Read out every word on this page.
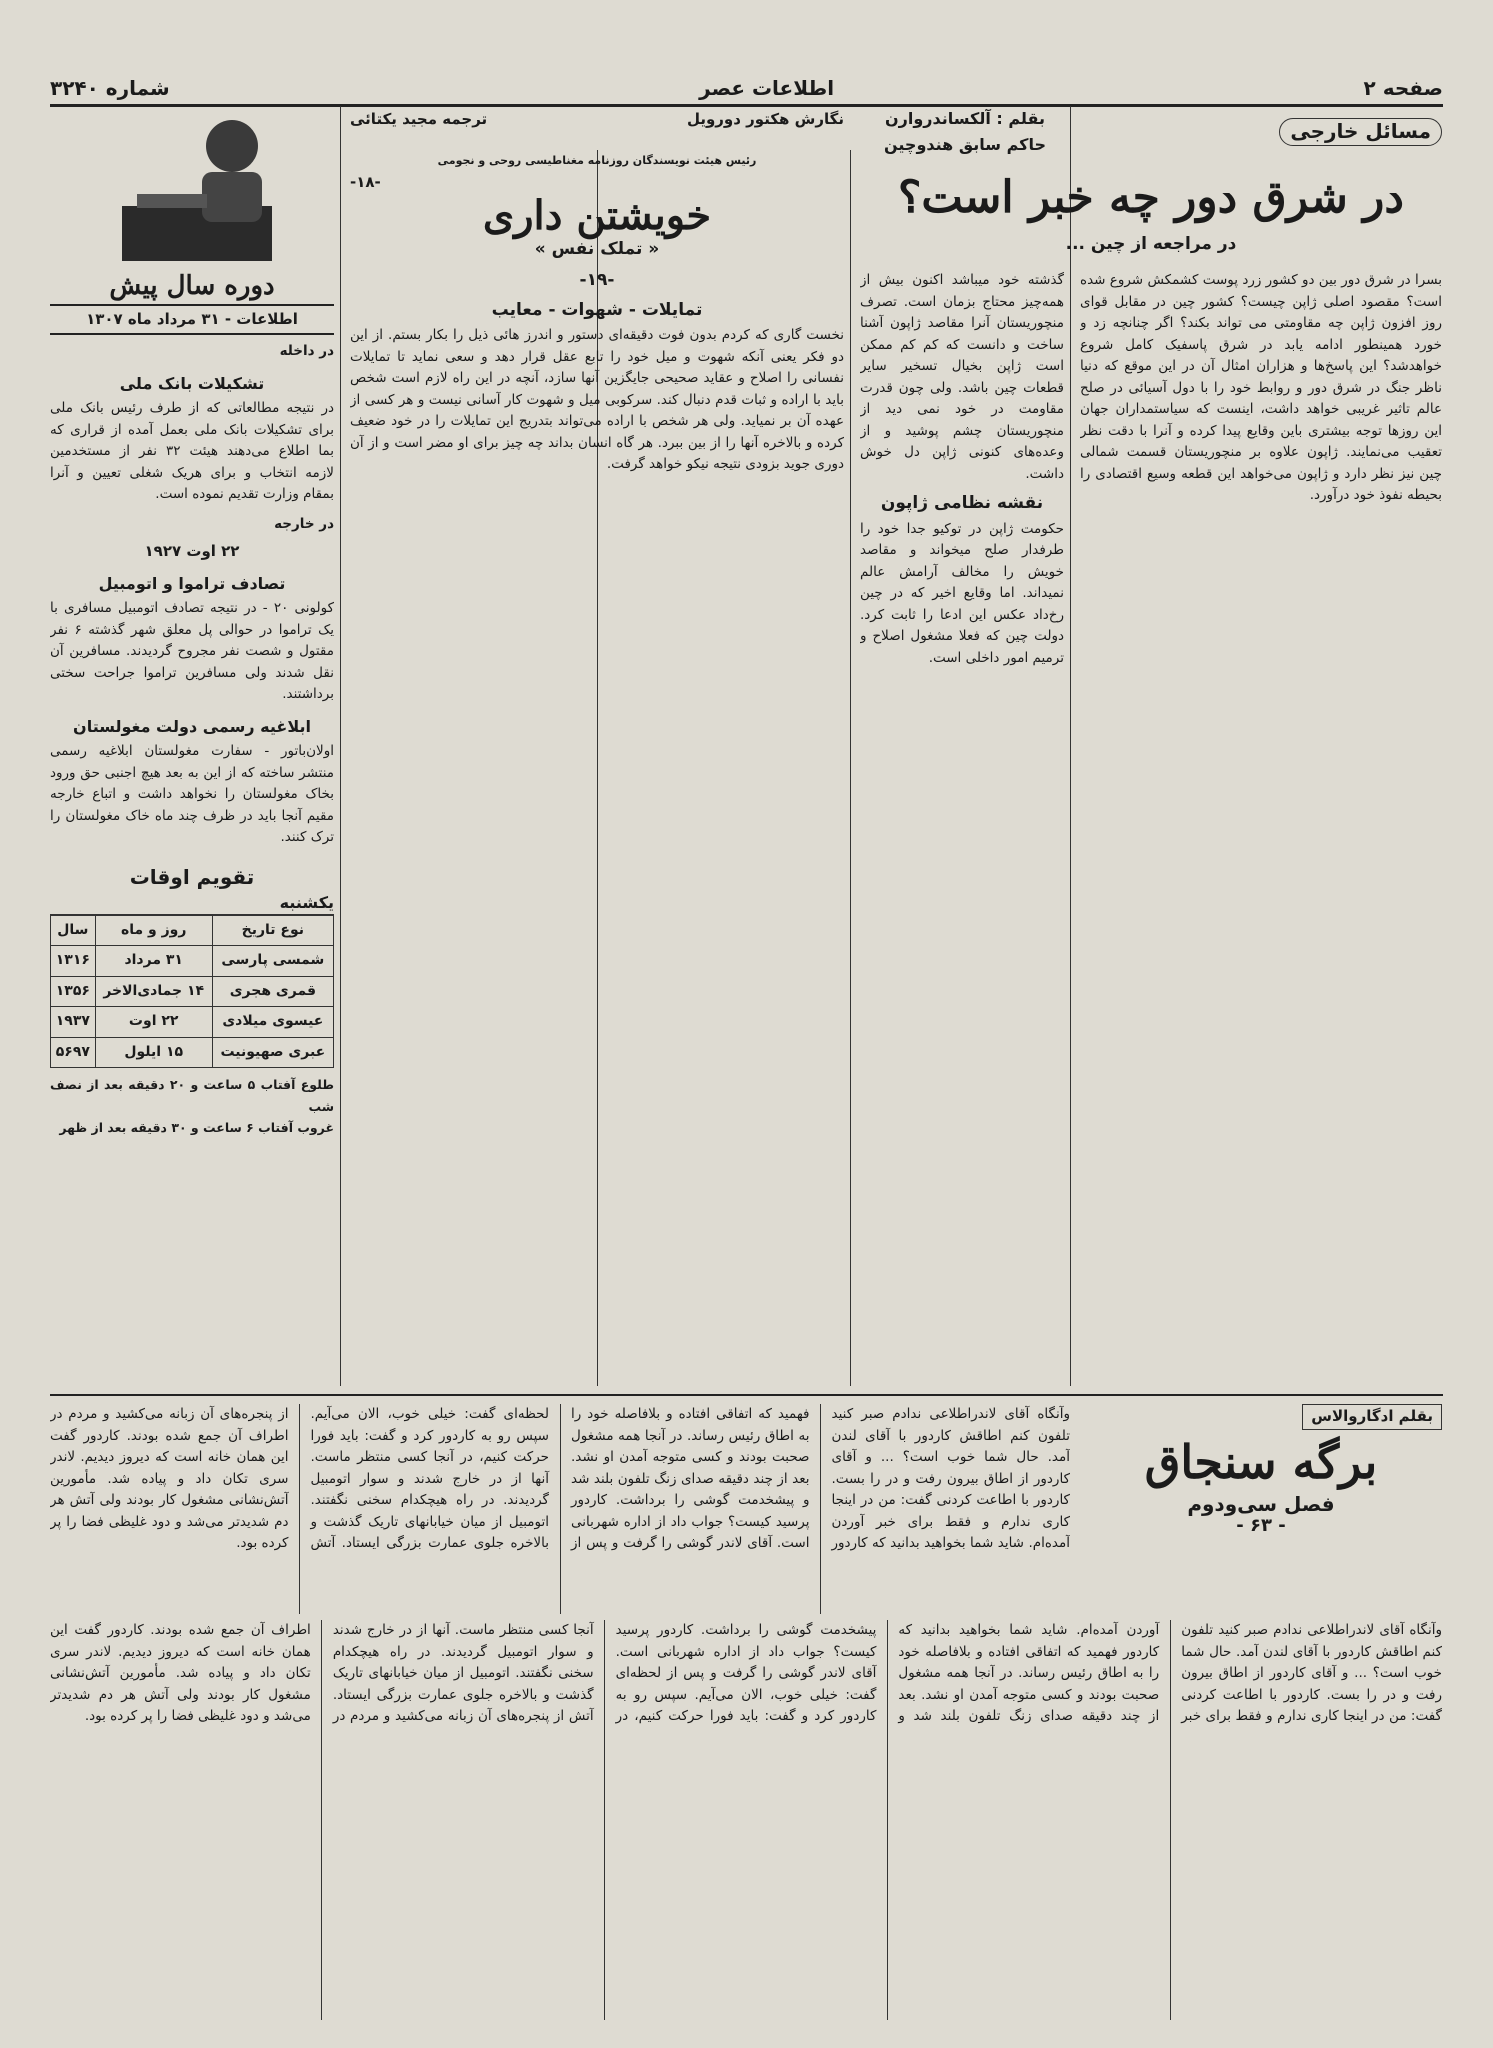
صفحه ۲
اطلاعات عصر
شماره ۳۲۴۰
مسائل خارجی
بقلم : آلکساندروارن
حاکم سابق هندوچین
در شرق دور چه خبر است؟
در مراجعه از چین ...

بسرا در شرق دور بین دو کشور زرد پوست کشمکش شروع شده است؟ مقصود اصلی ژاپن چیست؟ کشور چین در مقابل قوای روز افزون ژاپن چه مقاومتی می تواند بکند؟ اگر چنانچه زد و خورد همینطور ادامه یابد در شرق پاسفیک کامل شروع خواهدشد؟ این پاسخ‌ها و هزاران امثال آن در این موقع که دنیا ناظر جنگ در شرق دور و روابط خود را با دول آسیائی در صلح عالم تاثیر غریبی خواهد داشت، اینست که سیاستمداران جهان این روزها توجه بیشتری باین وقایع پیدا کرده و آنرا با دقت نظر تعقیب می‌نمایند. ژاپون علاوه بر منچوریستان قسمت شمالی چین نیز نظر دارد و ژاپون می‌خواهد این قطعه وسیع اقتصادی را بحیطه نفوذ خود درآورد.

گذشته خود میباشد اکنون بیش از همه‌چیز محتاج بزمان است. تصرف منچوریستان آنرا مقاصد ژاپون آشنا ساخت و دانست که کم کم ممکن است ژاپن بخیال تسخیر سایر قطعات چین باشد. ولی چون قدرت مقاومت در خود نمی دید از منچوریستان چشم پوشید و از وعده‌های کنونی ژاپن دل خوش داشت.

نقشه نظامی ژاپون

حکومت ژاپن در توکیو جدا خود را طرفدار صلح میخواند و مقاصد خویش را مخالف آرامش عالم نمیداند. اما وقایع اخیر که در چین رخ‌داد عکس این ادعا را ثابت کرد. دولت چین که فعلا مشغول اصلاح و ترمیم امور داخلی است.

نگارش هکتور دورویل
ترجمه مجید یکتائی
رئیس هیئت نویسندگان روزنامه مغناطیسی روحی و نجومی
-۱۸-
خویشتن داری
« تملک نفس »
-۱۹-
تمایلات - شهوات - معایب

نخست گاری که کردم بدون فوت دقیقه‌ای دستور و اندرز هائی ذیل را بکار بستم. از این دو فکر یعنی آنکه شهوت و میل خود را تابع عقل قرار دهد و سعی نماید تا تمایلات نفسانی را اصلاح و عقاید صحیحی جایگزین آنها سازد، آنچه در این راه لازم است شخص باید با اراده و ثبات قدم دنبال کند. سرکوبی میل و شهوت کار آسانی نیست و هر کسی از عهده آن بر نمیاید. ولی هر شخص با اراده می‌تواند بتدریج این تمایلات را در خود ضعیف کرده و بالاخره آنها را از بین ببرد. هر گاه انسان بداند چه چیز برای او مضر است و از آن دوری جوید بزودی نتیجه نیکو خواهد گرفت.

دوره سال پیش
اطلاعات - ۳۱ مرداد ماه ۱۳۰۷
در داخله
تشکیلات بانک ملی

در نتیجه مطالعاتی که از طرف رئیس بانک ملی برای تشکیلات بانک ملی بعمل آمده از قراری که بما اطلاع می‌دهند هیئت ۳۲ نفر از مستخدمین لازمه انتخاب و برای هریک شغلی تعیین و آنرا بمقام وزارت تقدیم نموده است.

در خارجه
۲۲ اوت ۱۹۲۷
تصادف تراموا و اتومبیل

کولونی ۲۰ - در نتیجه تصادف اتومبیل مسافری با یک تراموا در حوالی پل معلق شهر گذشته ۶ نفر مقتول و شصت نفر مجروح گردیدند. مسافرین آن نقل شدند ولی مسافرین تراموا جراحت سختی برداشتند.

ابلاغیه رسمی دولت مغولستان

اولان‌باتور - سفارت مغولستان ابلاغیه رسمی منتشر ساخته که از این به بعد هیچ اجنبی حق ورود بخاک مغولستان را نخواهد داشت و اتباع خارجه مقیم آنجا باید در ظرف چند ماه خاک مغولستان را ترک کنند.

تقویم اوقات
یکشنبه
نوع تاریخ	روز و ماه	سال
شمسی پارسی	۳۱ مرداد	۱۳۱۶
قمری هجری	۱۴ جمادی‌الاخر	۱۳۵۶
عیسوی میلادی	۲۲ اوت	۱۹۳۷
عبری صهیونیت	۱۵ ایلول	۵۶۹۷
طلوع آفتاب ۵ ساعت و ۲۰ دقیقه بعد از نصف شب
غروب آفتاب ۶ ساعت و ۳۰ دقیقه بعد از ظهر
بقلم ادگاروالاس
برگه سنجاق
فصل سی‌ودوم
- ۶۳ -

وآنگاه آقای لاندراطلاعی ندادم صبر کنید تلفون کنم اطاقش کاردور با آقای لندن آمد. حال شما خوب است؟ ... و آقای کاردور از اطاق بیرون رفت و در را بست. کاردور با اطاعت کردنی گفت: من در اینجا کاری ندارم و فقط برای خبر آوردن آمده‌ام. شاید شما بخواهید بدانید که کاردور فهمید که اتفاقی افتاده و بلافاصله خود را به اطاق رئیس رساند. در آنجا همه مشغول صحبت بودند و کسی متوجه آمدن او نشد. بعد از چند دقیقه صدای زنگ تلفون بلند شد و پیشخدمت گوشی را برداشت. کاردور پرسید کیست؟ جواب داد از اداره شهربانی است. آقای لاندر گوشی را گرفت و پس از لحظه‌ای گفت: خیلی خوب، الان می‌آیم. سپس رو به کاردور کرد و گفت: باید فورا حرکت کنیم، در آنجا کسی منتظر ماست. آنها از در خارج شدند و سوار اتومبیل گردیدند. در راه هیچکدام سخنی نگفتند. اتومبیل از میان خیابانهای تاریک گذشت و بالاخره جلوی عمارت بزرگی ایستاد. آتش از پنجره‌های آن زبانه می‌کشید و مردم در اطراف آن جمع شده بودند. کاردور گفت این همان خانه است که دیروز دیدیم. لاندر سری تکان داد و پیاده شد. مأمورین آتش‌نشانی مشغول کار بودند ولی آتش هر دم شدیدتر می‌شد و دود غلیظی فضا را پر کرده بود.

وآنگاه آقای لاندراطلاعی ندادم صبر کنید تلفون کنم اطاقش کاردور با آقای لندن آمد. حال شما خوب است؟ ... و آقای کاردور از اطاق بیرون رفت و در را بست. کاردور با اطاعت کردنی گفت: من در اینجا کاری ندارم و فقط برای خبر آوردن آمده‌ام. شاید شما بخواهید بدانید که کاردور فهمید که اتفاقی افتاده و بلافاصله خود را به اطاق رئیس رساند. در آنجا همه مشغول صحبت بودند و کسی متوجه آمدن او نشد. بعد از چند دقیقه صدای زنگ تلفون بلند شد و پیشخدمت گوشی را برداشت. کاردور پرسید کیست؟ جواب داد از اداره شهربانی است. آقای لاندر گوشی را گرفت و پس از لحظه‌ای گفت: خیلی خوب، الان می‌آیم. سپس رو به کاردور کرد و گفت: باید فورا حرکت کنیم، در آنجا کسی منتظر ماست. آنها از در خارج شدند و سوار اتومبیل گردیدند. در راه هیچکدام سخنی نگفتند. اتومبیل از میان خیابانهای تاریک گذشت و بالاخره جلوی عمارت بزرگی ایستاد. آتش از پنجره‌های آن زبانه می‌کشید و مردم در اطراف آن جمع شده بودند. کاردور گفت این همان خانه است که دیروز دیدیم. لاندر سری تکان داد و پیاده شد. مأمورین آتش‌نشانی مشغول کار بودند ولی آتش هر دم شدیدتر می‌شد و دود غلیظی فضا را پر کرده بود.
